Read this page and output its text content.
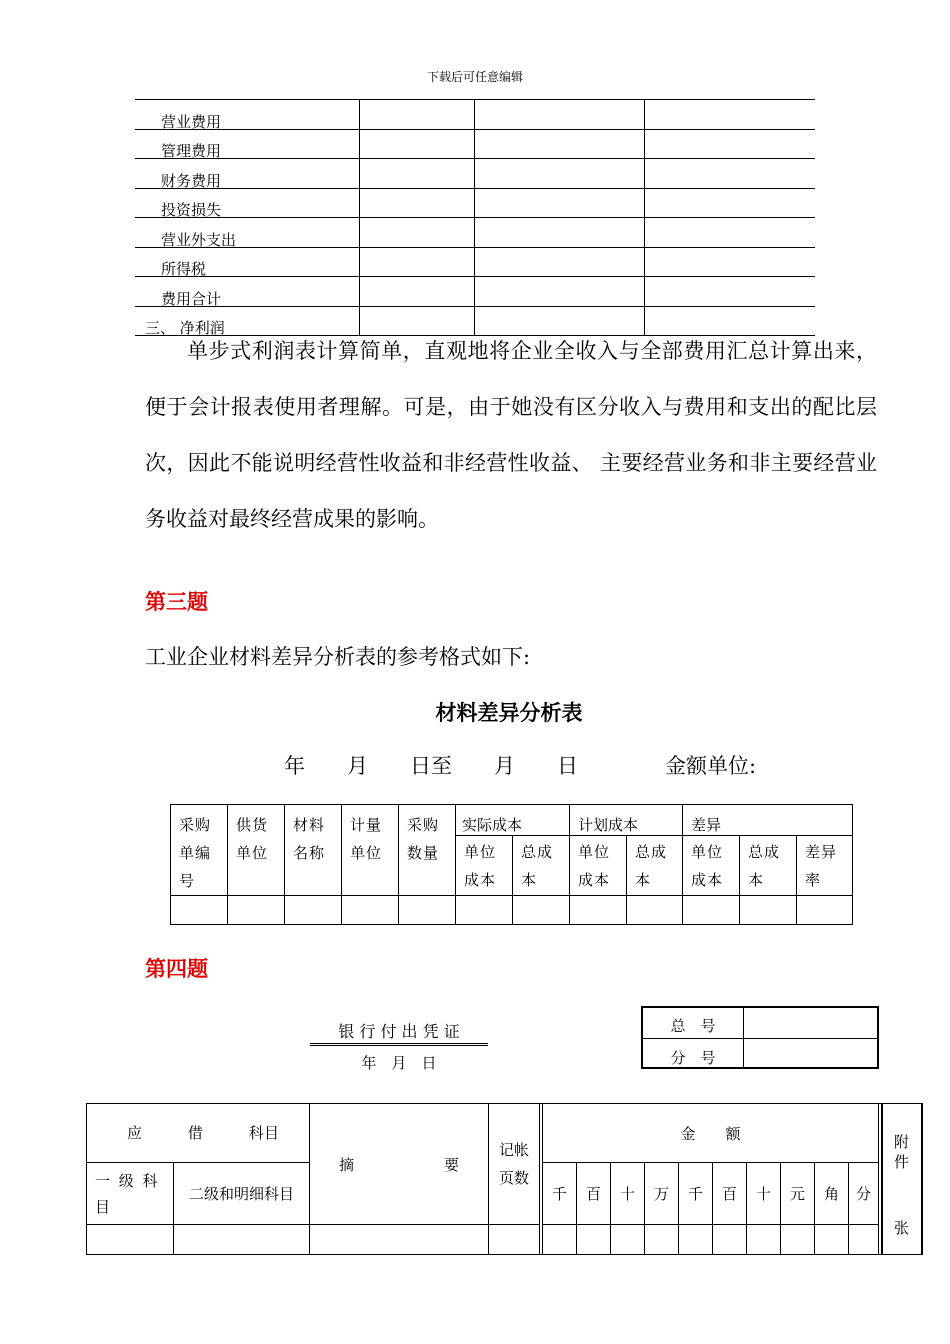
下载后可任意编辑
营业费用
管理费用
财务费用
投资损失
营业外支出
所得税
费用合计
三、 净利润
单步式利润表计算简单，直观地将企业全收入与全部费用汇总计算出来，便于会计报表使用者理解。可是，由于她没有区分收入与费用和支出的配比层次，因此不能说明经营性收益和非经营性收益、 主要经营业务和非主要经营业务收益对最终经营成果的影响。
第三题
工业企业材料差异分析表的参考格式如下:
材料差异分析表
年　　月　　日至　　月　　日	金额单位:
采购单编号	供货单位	材料名称	计量单位	采购数量	实际成本		计划成本		差异		

					单位成本	总成本	单位成本	总成本	单位成本	总成本	差异率

第四题
银 行 付 出 凭 证
年　月　日
总　号
分　号
应　　　借　　　科目		摘　　　　　　要	记帐页数		金　　额											附件
张

一 级 科目	二级和明细科目				千	百	十	万	千	百	十	元	角	分		
